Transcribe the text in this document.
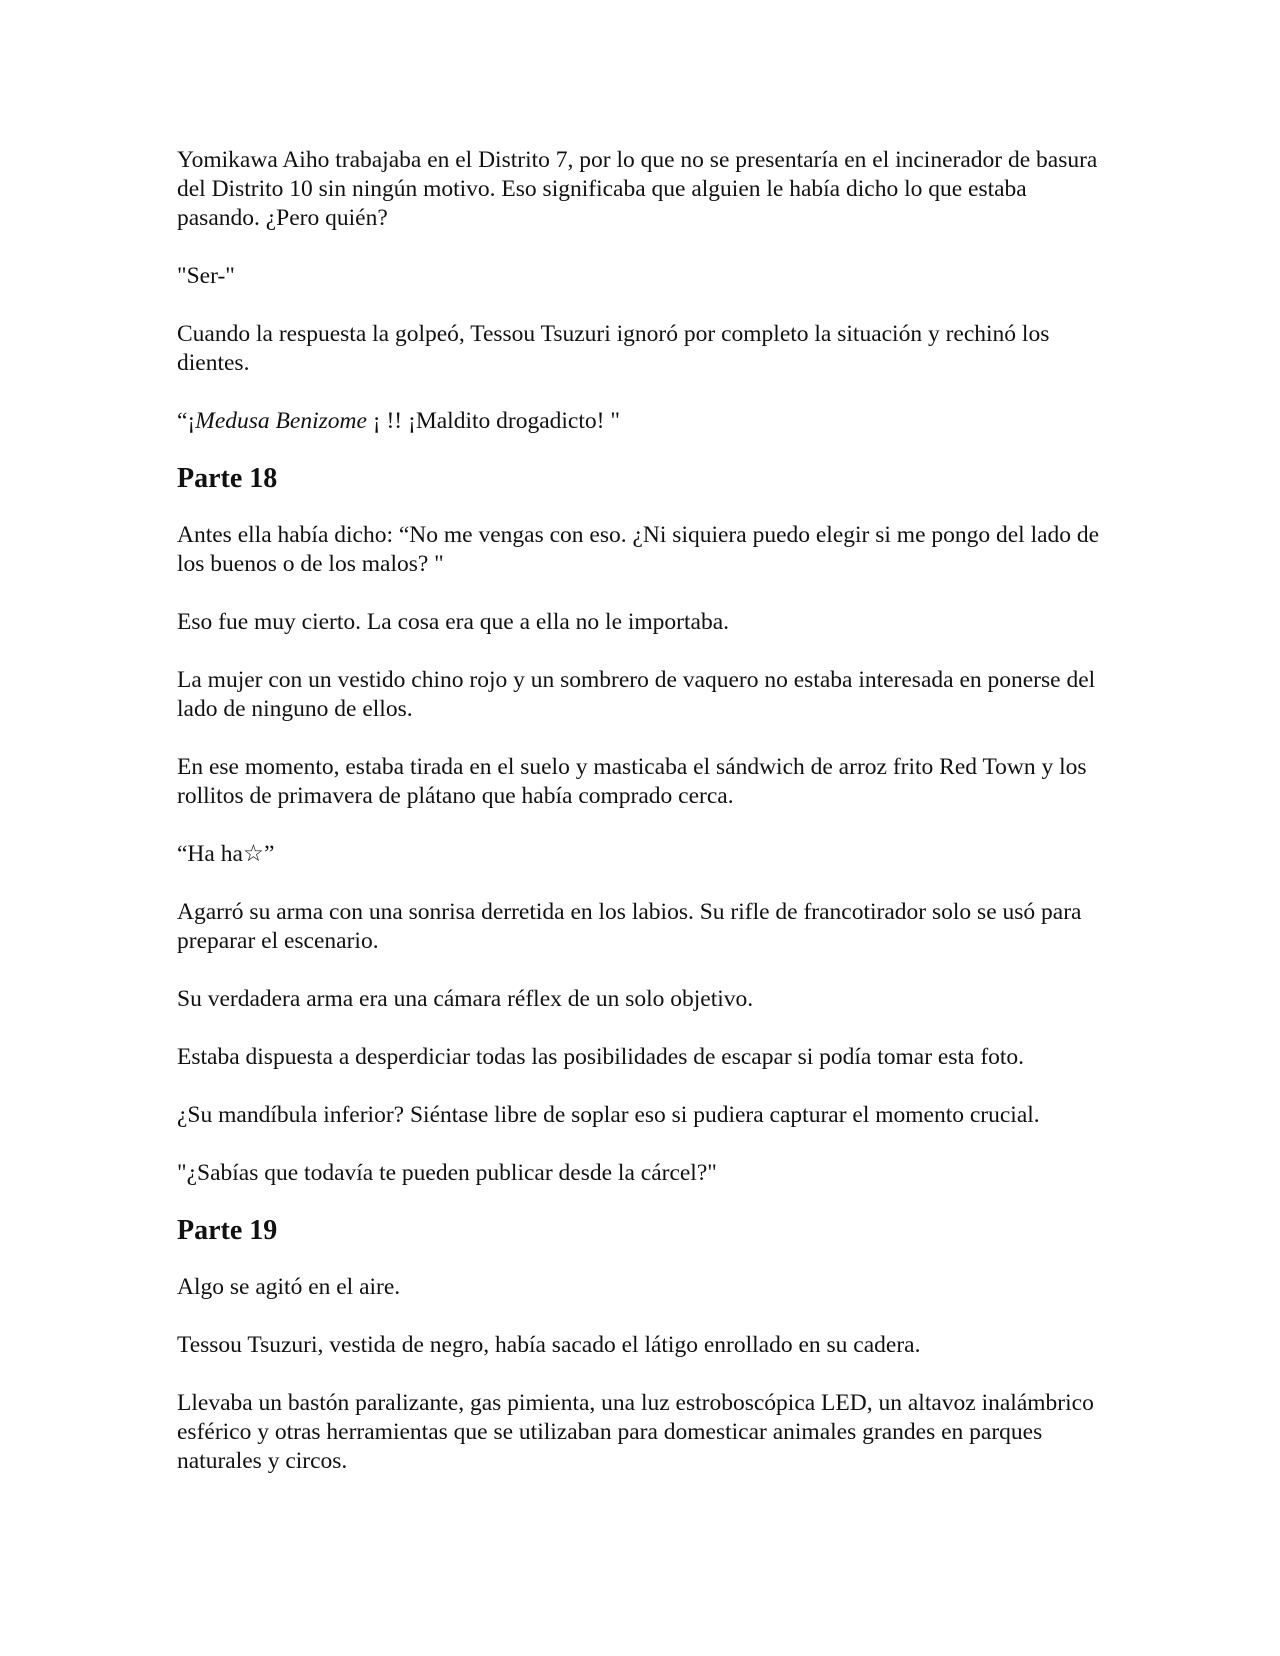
Yomikawa Aiho trabajaba en el Distrito 7, por lo que no se presentaría en el incinerador de basura del Distrito 10 sin ningún motivo. Eso significaba que alguien le había dicho lo que estaba pasando. ¿Pero quién?

"Ser-"

Cuando la respuesta la golpeó, Tessou Tsuzuri ignoró por completo la situación y rechinó los dientes.

“¡Medusa Benizome ¡ !! ¡Maldito drogadicto! "

Parte 18

Antes ella había dicho: “No me vengas con eso. ¿Ni siquiera puedo elegir si me pongo del lado de los buenos o de los malos? "

Eso fue muy cierto. La cosa era que a ella no le importaba.

La mujer con un vestido chino rojo y un sombrero de vaquero no estaba interesada en ponerse del lado de ninguno de ellos.

En ese momento, estaba tirada en el suelo y masticaba el sándwich de arroz frito Red Town y los rollitos de primavera de plátano que había comprado cerca.

“Ha ha☆”

Agarró su arma con una sonrisa derretida en los labios. Su rifle de francotirador solo se usó para preparar el escenario.

Su verdadera arma era una cámara réflex de un solo objetivo.

Estaba dispuesta a desperdiciar todas las posibilidades de escapar si podía tomar esta foto.

¿Su mandíbula inferior? Siéntase libre de soplar eso si pudiera capturar el momento crucial.

"¿Sabías que todavía te pueden publicar desde la cárcel?"

Parte 19

Algo se agitó en el aire.

Tessou Tsuzuri, vestida de negro, había sacado el látigo enrollado en su cadera.

Llevaba un bastón paralizante, gas pimienta, una luz estroboscópica LED, un altavoz inalámbrico esférico y otras herramientas que se utilizaban para domesticar animales grandes en parques naturales y circos.
